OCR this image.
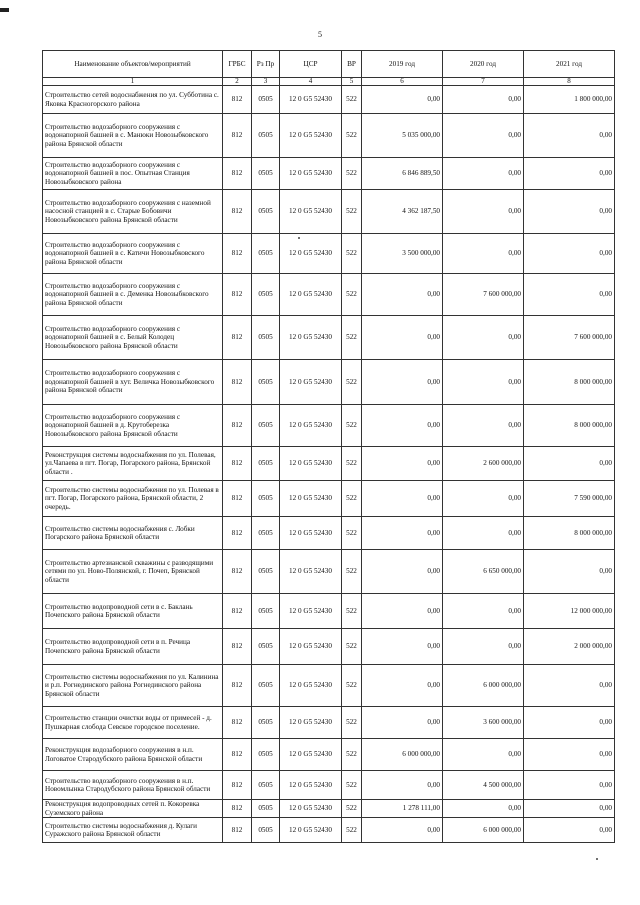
5
Наименование объектов/мероприятий	ГРБС	Рз Пр	ЦСР	ВР	2019 год	2020 год	2021 год
1	2	3	4	5	6	7	8
Строительство сетей водоснабжения по ул. Субботина с. Яковка Красногорского района	812	0505	12 0 G5 52430	522	0,00	0,00	1 800 000,00
Строительство водозаборного сооружения с водонапорной башней в с. Манюки Новозыбковского района Брянской области	812	0505	12 0 G5 52430	522	5 035 000,00	0,00	0,00
Строительство водозаборного сооружения с водонапорной башней в пос. Опытная Станция Новозыбковского района	812	0505	12 0 G5 52430	522	6 846 889,50	0,00	0,00
Строительство водозаборного сооружения с наземной насосной станцией в с. Старые Бобовичи Новозыбковского района Брянской области	812	0505	12 0 G5 52430	522	4 362 187,50	0,00	0,00
Строительство водозаборного сооружения с водонапорной башней в с. Катичи Новозыбковского района Брянской области	812	0505	12 0 G5 52430	522	3 500 000,00	0,00	0,00
Строительство водозаборного сооружения с водонапорной башней в с. Деменка Новозыбковского района Брянской области	812	0505	12 0 G5 52430	522	0,00	7 600 000,00	0,00
Строительство водозаборного сооружения с водонапорной башней в с. Белый Колодец Новозыбковского района Брянской области	812	0505	12 0 G5 52430	522	0,00	0,00	7 600 000,00
Строительство водозаборного сооружения с водонапорной башней в хут. Величка Новозыбковского района Брянской области	812	0505	12 0 G5 52430	522	0,00	0,00	8 000 000,00
Строительство водозаборного сооружения с водонапорной башней в д. Крутоберезка Новозыбковского района Брянской области	812	0505	12 0 G5 52430	522	0,00	0,00	8 000 000,00
Реконструкция системы водоснабжения по ул. Полевая, ул.Чапаева в пгт. Погар, Погарского района, Брянской области .	812	0505	12 0 G5 52430	522	0,00	2 600 000,00	0,00
Строительство системы водоснабжения по ул. Полевая в пгт. Погар, Погарского района, Брянской области, 2 очередь.	812	0505	12 0 G5 52430	522	0,00	0,00	7 590 000,00
Строительство системы водоснабжения с. Лобки Погарского района Брянской области	812	0505	12 0 G5 52430	522	0,00	0,00	8 000 000,00
Строительство артезианской скважины с разводящими сетями по ул. Ново-Полянской, г. Почеп, Брянской области	812	0505	12 0 G5 52430	522	0,00	6 650 000,00	0,00
Строительство водопроводной сети в с. Баклань Почепского района Брянской области	812	0505	12 0 G5 52430	522	0,00	0,00	12 000 000,00
Строительство водопроводной сети в п. Речица Почепского района Брянской области	812	0505	12 0 G5 52430	522	0,00	0,00	2 000 000,00
Строительство системы водоснабжения по ул. Калинина и р.п. Рогнединского района Рогнединского района Брянской области	812	0505	12 0 G5 52430	522	0,00	6 000 000,00	0,00
Строительство станции очистки воды от примесей - д. Пушкарная слобода Севское городское поселение.	812	0505	12 0 G5 52430	522	0,00	3 600 000,00	0,00
Реконструкция водозаборного сооружения в н.п. Логоватое Стародубского района Брянской области	812	0505	12 0 G5 52430	522	6 000 000,00	0,00	0,00
Строительство водозаборного сооружения в н.п. Новомлынка Стародубского района Брянской области	812	0505	12 0 G5 52430	522	0,00	4 500 000,00	0,00
Реконструкция водопроводных сетей п. Кокоревка Суземского района	812	0505	12 0 G5 52430	522	1 278 111,00	0,00	0,00
Строительство системы водоснабжения д. Кулаги Суражского района Брянской области	812	0505	12 0 G5 52430	522	0,00	6 000 000,00	0,00
